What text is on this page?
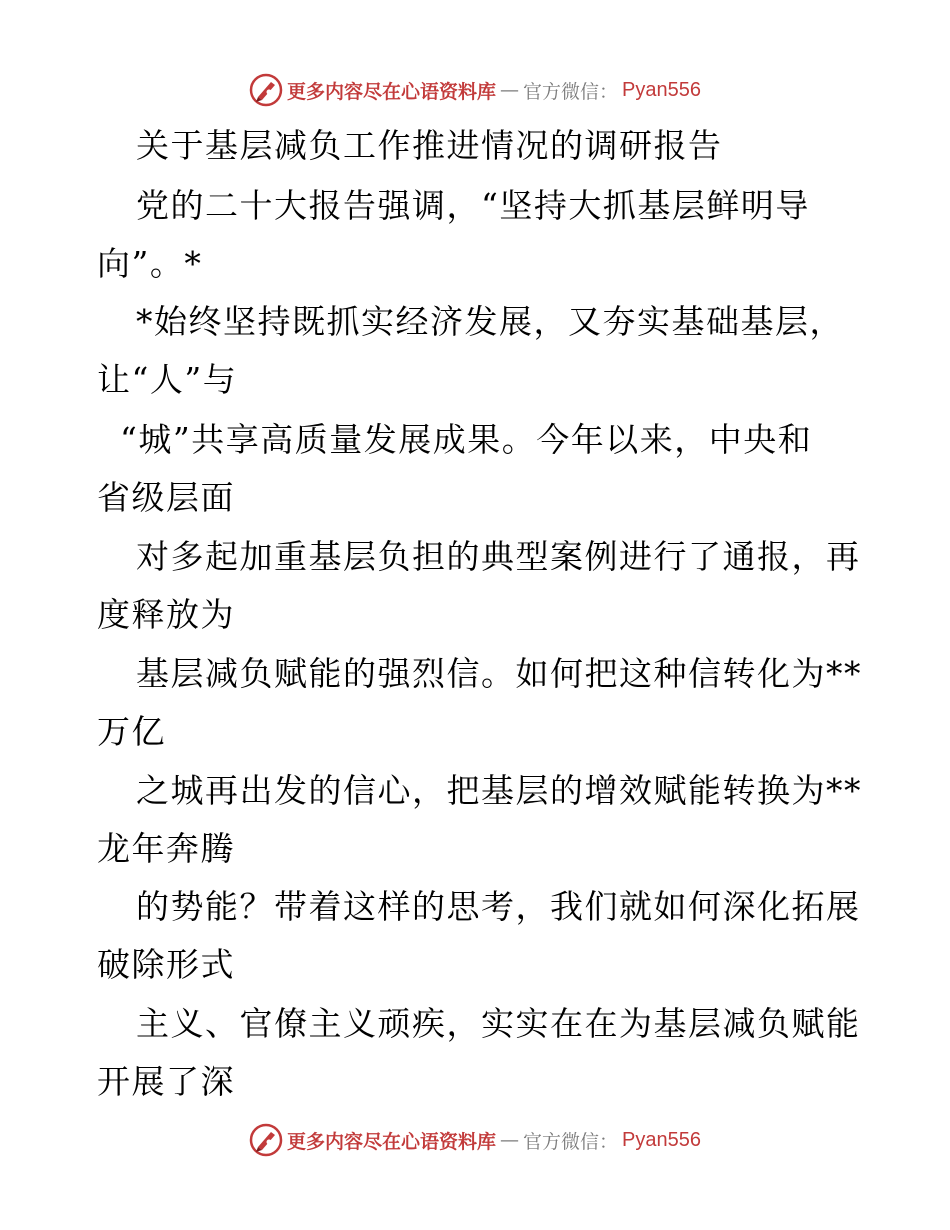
更多内容尽在心语资料库 — 官方微信： Pyan556
关于基层减负工作推进情况的调研报告
党的二十大报告强调，“坚持大抓基层鲜明导
向”。*
*始终坚持既抓实经济发展，又夯实基础基层，
让“人”与
“城”共享高质量发展成果。今年以来，中央和
省级层面
对多起加重基层负担的典型案例进行了通报，再
度释放为
基层减负赋能的强烈信。如何把这种信转化为**
万亿
之城再出发的信心，把基层的增效赋能转换为**
龙年奔腾
的势能？带着这样的思考，我们就如何深化拓展
破除形式
主义、官僚主义顽疾，实实在在为基层减负赋能
开展了深
更多内容尽在心语资料库 — 官方微信： Pyan556
